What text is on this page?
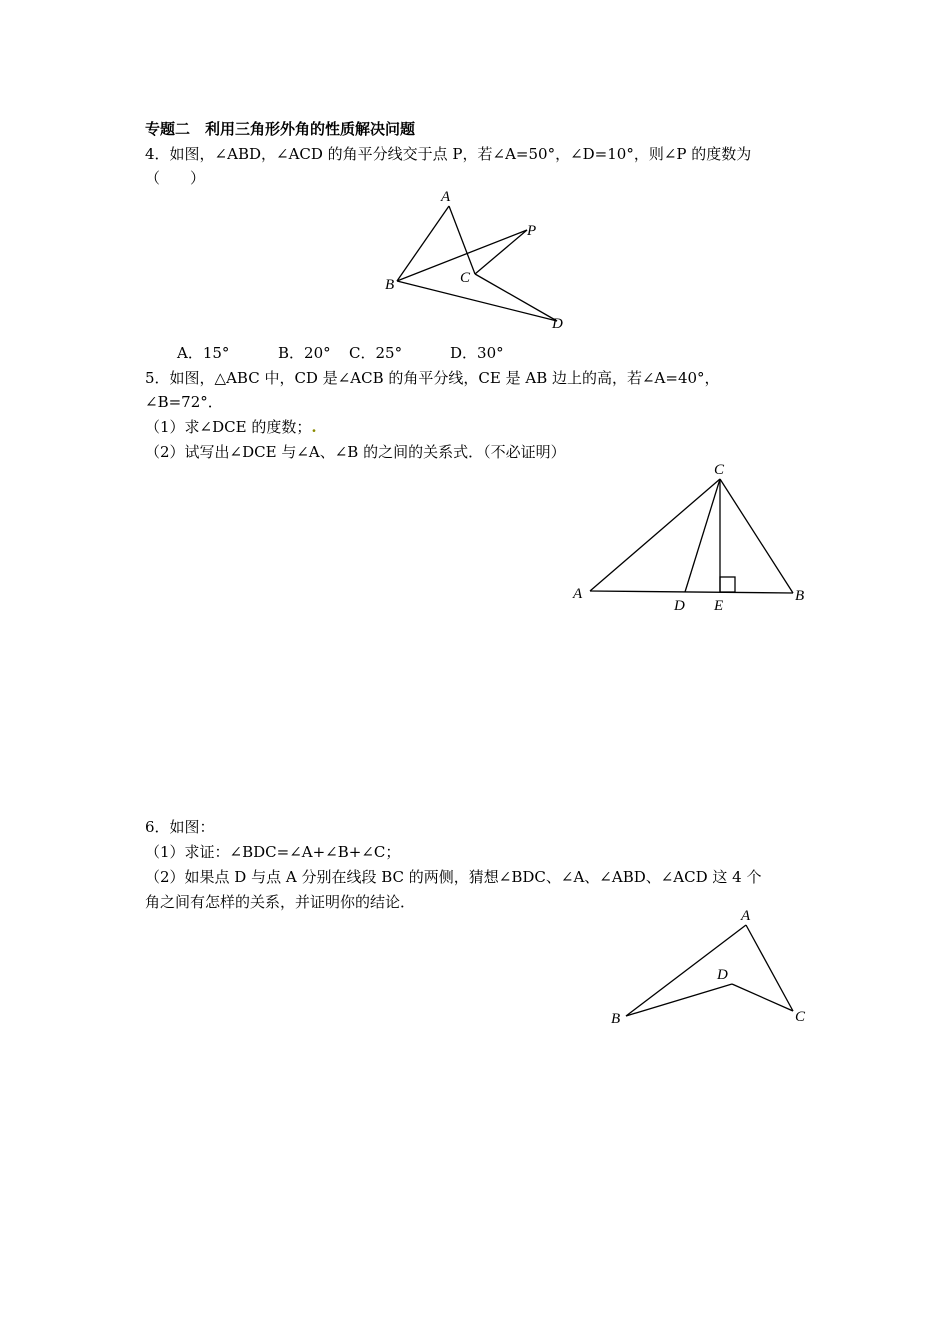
专题二　利用三角形外角的性质解决问题
4．如图，∠ABD，∠ACD 的角平分线交于点 P，若∠A=50°，∠D=10°，则∠P 的度数为
（　　）
A
P
B	C
D
A．15°	B．20° C．25°	D．30°
5．如图，△ABC 中，CD 是∠ACB 的角平分线，CE 是 AB 边上的高，若∠A=40°，
∠B=72°．
（1）求∠DCE 的度数；.
（2）试写出∠DCE 与∠A、∠B 的之间的关系式．（不必证明）
C
A
D E
B
6．如图：
（1）求证：∠BDC=∠A+∠B+∠C；
（2）如果点 D 与点 A 分别在线段 BC 的两侧，猜想∠BDC、∠A、∠ABD、∠ACD 这 4 个
角之间有怎样的关系，并证明你的结论．
A
D
B	C
